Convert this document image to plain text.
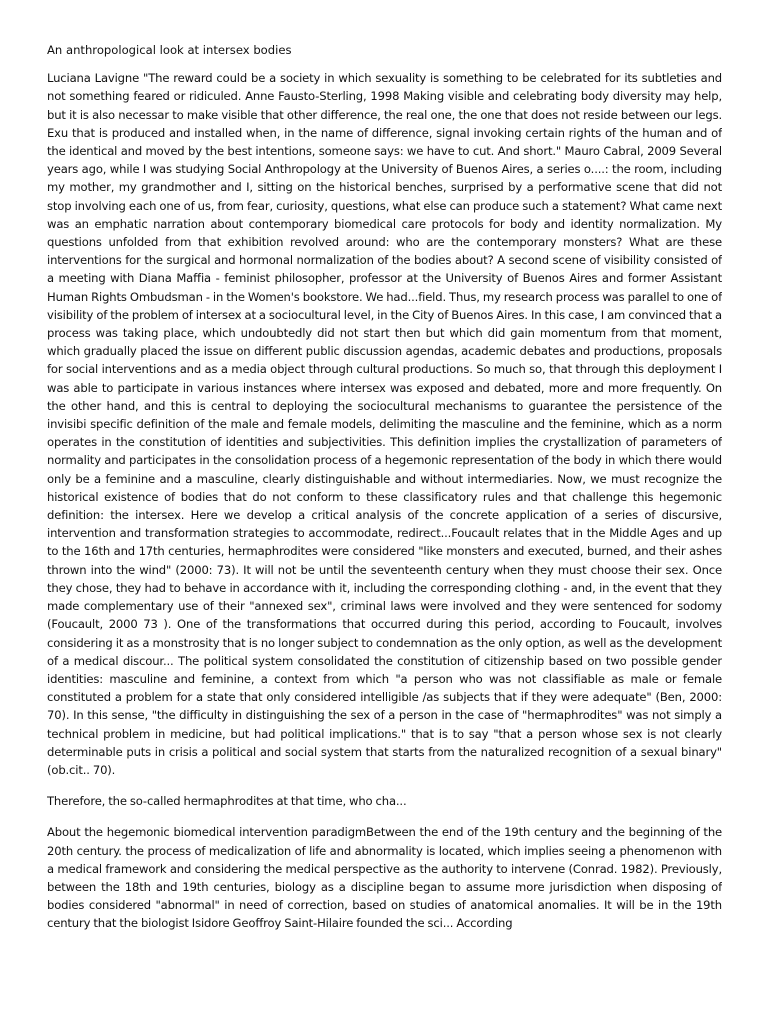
An anthropological look at intersex bodies

Luciana Lavigne "The reward could be a society in which sexuality is something to be celebrated for its subtleties and not something feared or ridiculed. Anne Fausto-Sterling, 1998 Making visible and celebrating body diversity may help, but it is also necessar to make visible that other difference, the real one, the one that does not reside between our legs. Exu that is produced and installed when, in the name of difference, signal invoking certain rights of the human and of the identical and moved by the best intentions, someone says: we have to cut. And short." Mauro Cabral, 2009 Several years ago, while I was studying Social Anthropology at the University of Buenos Aires, a series o....: the room, including my mother, my grandmother and I, sitting on the historical benches, surprised by a performative scene that did not stop involving each one of us, from fear, curiosity, questions, what else can produce such a statement? What came next was an emphatic narration about contemporary biomedical care protocols for body and identity normalization. My questions unfolded from that exhibition revolved around: who are the contemporary monsters? What are these interventions for the surgical and hormonal normalization of the bodies about? A second scene of visibility consisted of a meeting with Diana Maffia - feminist philosopher, professor at the University of Buenos Aires and former Assistant Human Rights Ombudsman - in the Women's bookstore. We had...field. Thus, my research process was parallel to one of visibility of the problem of intersex at a sociocultural level, in the City of Buenos Aires. In this case, I am convinced that a process was taking place, which undoubtedly did not start then but which did gain momentum from that moment, which gradually placed the issue on different public discussion agendas, academic debates and productions, proposals for social interventions and as a media object through cultural productions. So much so, that through this deployment I was able to participate in various instances where intersex was exposed and debated, more and more frequently. On the other hand, and this is central to deploying the sociocultural mechanisms to guarantee the persistence of the invisibi specific definition of the male and female models, delimiting the masculine and the feminine, which as a norm operates in the constitution of identities and subjectivities. This definition implies the crystallization of parameters of normality and participates in the consolidation process of a hegemonic representation of the body in which there would only be a feminine and a masculine, clearly distinguishable and without intermediaries. Now, we must recognize the historical existence of bodies that do not conform to these classificatory rules and that challenge this hegemonic definition: the intersex. Here we develop a critical analysis of the concrete application of a series of discursive, intervention and transformation strategies to accommodate, redirect...Foucault relates that in the Middle Ages and up to the 16th and 17th centuries, hermaphrodites were considered "like monsters and executed, burned, and their ashes thrown into the wind" (2000: 73). It will not be until the seventeenth century when they must choose their sex. Once they chose, they had to behave in accordance with it, including the corresponding clothing - and, in the event that they made complementary use of their "annexed sex", criminal laws were involved and they were sentenced for sodomy (Foucault, 2000 73 ). One of the transformations that occurred during this period, according to Foucault, involves considering it as a monstrosity that is no longer subject to condemnation as the only option, as well as the development of a medical discour... The political system consolidated the constitution of citizenship based on two possible gender identities: masculine and feminine, a context from which "a person who was not classifiable as male or female constituted a problem for a state that only considered intelligible /as subjects that if they were adequate" (Ben, 2000: 70). In this sense, "the difficulty in distinguishing the sex of a person in the case of "hermaphrodites" was not simply a technical problem in medicine, but had political implications." that is to say "that a person whose sex is not clearly determinable puts in crisis a political and social system that starts from the naturalized recognition of a sexual binary" (ob.cit.. 70).

Therefore, the so-called hermaphrodites at that time, who cha...

About the hegemonic biomedical intervention paradigmBetween the end of the 19th century and the beginning of the 20th century. the process of medicalization of life and abnormality is located, which implies seeing a phenomenon with a medical framework and considering the medical perspective as the authority to intervene (Conrad. 1982). Previously, between the 18th and 19th centuries, biology as a discipline began to assume more jurisdiction when disposing of bodies considered "abnormal" in need of correction, based on studies of anatomical anomalies. It will be in the 19th century that the biologist Isidore Geoffroy Saint-Hilaire founded the sci... According
